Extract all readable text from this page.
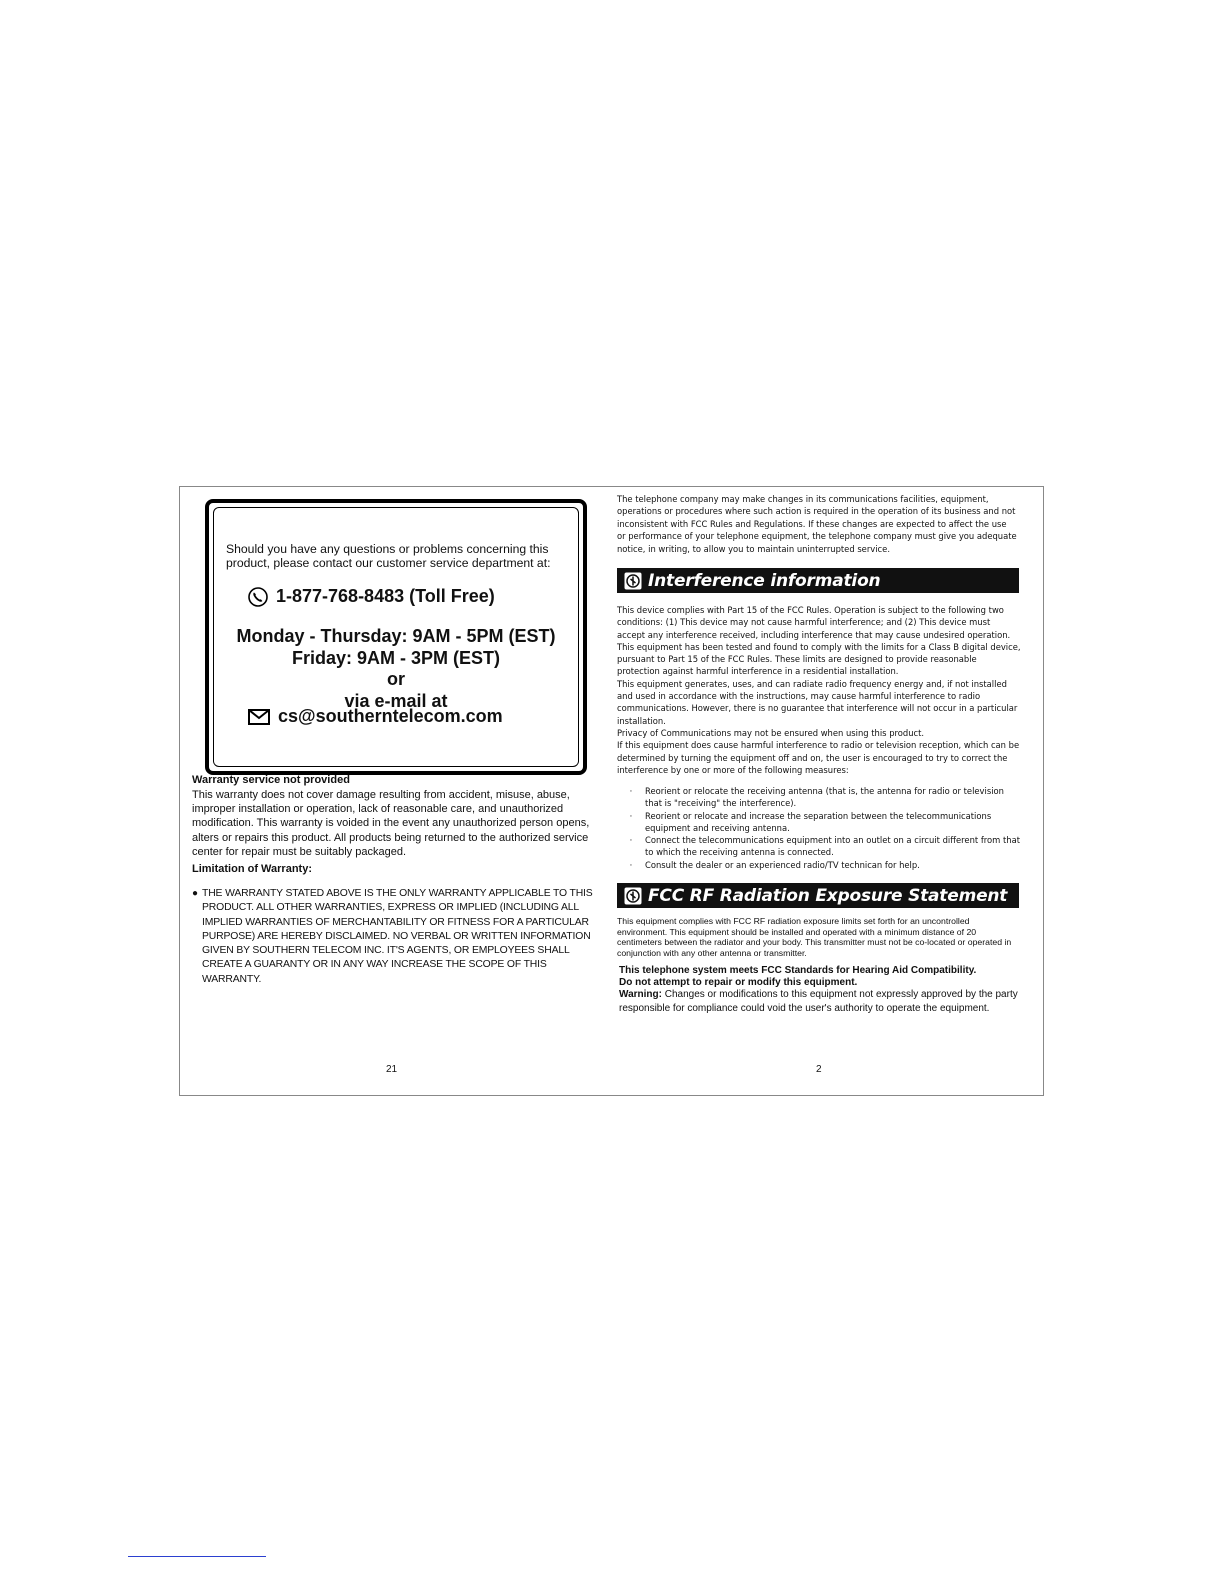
Should you have any questions or problems concerning this product, please contact our customer service department at:
1-877-768-8483 (Toll Free)
Monday - Thursday: 9AM - 5PM (EST)
Friday: 9AM - 3PM (EST)
or
via e-mail at
cs@southerntelecom.com
Warranty service not provided
This warranty does not cover damage resulting from accident, misuse, abuse, improper installation or operation, lack of reasonable care, and unauthorized modification. This warranty is voided in the event any unauthorized person opens, alters or repairs this product. All products being returned to the authorized service center for repair must be suitably packaged.
Limitation of Warranty:
● THE WARRANTY STATED ABOVE IS THE ONLY WARRANTY APPLICABLE TO THIS PRODUCT. ALL OTHER WARRANTIES, EXPRESS OR IMPLIED (INCLUDING ALL IMPLIED WARRANTIES OF MERCHANTABILITY OR FITNESS FOR A PARTICULAR PURPOSE) ARE HEREBY DISCLAIMED. NO VERBAL OR WRITTEN INFORMATION GIVEN BY SOUTHERN TELECOM INC. IT'S AGENTS, OR EMPLOYEES SHALL CREATE A GUARANTY OR IN ANY WAY INCREASE THE SCOPE OF THIS WARRANTY.
21
The telephone company may make changes in its communications facilities, equipment, operations or procedures where such action is required in the operation of its business and not inconsistent with FCC Rules and Regulations. If these changes are expected to affect the use or performance of your telephone equipment, the telephone company must give you adequate notice, in writing, to allow you to maintain uninterrupted service.
Interference information

This device complies with Part 15 of the FCC Rules. Operation is subject to the following two conditions: (1) This device may not cause harmful interference; and (2) This device must accept any interference received, including interference that may cause undesired operation.

This equipment has been tested and found to comply with the limits for a Class B digital device, pursuant to Part 15 of the FCC Rules. These limits are designed to provide reasonable protection against harmful interference in a residential installation.

This equipment generates, uses, and can radiate radio frequency energy and, if not installed and used in accordance with the instructions, may cause harmful interference to radio communications. However, there is no guarantee that interference will not occur in a particular installation.

Privacy of Communications may not be ensured when using this product.

If this equipment does cause harmful interference to radio or television reception, which can be determined by turning the equipment off and on, the user is encouraged to try to correct the interference by one or more of the following measures:

·	Reorient or relocate the receiving antenna (that is, the antenna for radio or television that is "receiving" the interference).
·	Reorient or relocate and increase the separation between the telecommunications equipment and receiving antenna.
·	Connect the telecommunications equipment into an outlet on a circuit different from that to which the receiving antenna is connected.
·	Consult the dealer or an experienced radio/TV technican for help.
FCC RF Radiation Exposure Statement
This equipment complies with FCC RF radiation exposure limits set forth for an uncontrolled environment. This equipment should be installed and operated with a minimum distance of 20 centimeters between the radiator and your body. This transmitter must not be co-located or operated in conjunction with any other antenna or transmitter.
This telephone system meets FCC Standards for Hearing Aid Compatibility.
Do not attempt to repair or modify this equipment.
Warning: Changes or modifications to this equipment not expressly approved by the party responsible for compliance could void the user's authority to operate the equipment.
2
